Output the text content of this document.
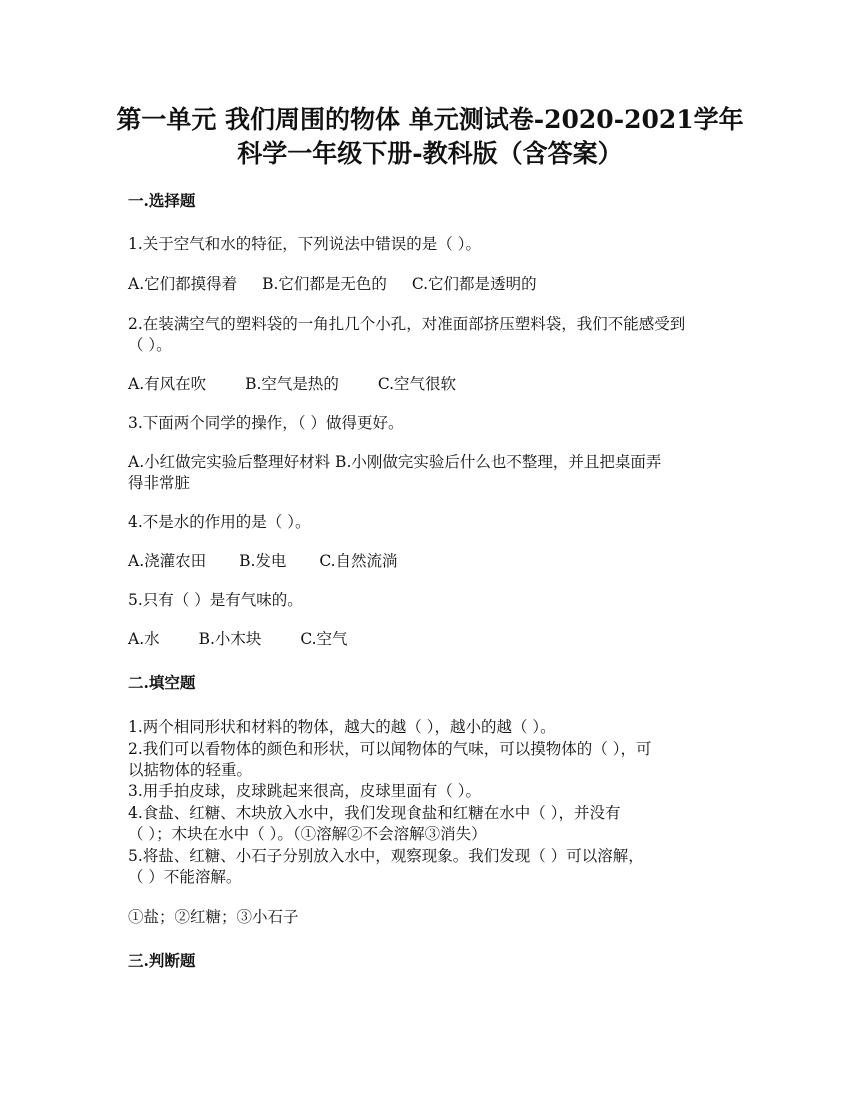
第一单元 我们周围的物体 单元测试卷-2020-2021学年
科学一年级下册-教科版（含答案）
一.选择题

1.关于空气和水的特征，下列说法中错误的是（ ）。

A.它们都摸得着 B.它们都是无色的 C.它们都是透明的

2.在装满空气的塑料袋的一角扎几个小孔，对准面部挤压塑料袋，我们不能感受到

（ ）。

A.有风在吹	B.空气是热的	C.空气很软

3.下面两个同学的操作，（ ）做得更好。

A.小红做完实验后整理好材料 B.小刚做完实验后什么也不整理，并且把桌面弄

得非常脏

4.不是水的作用的是（ ）。

A.浇灌农田 B.发电 C.自然流淌

5.只有（ ）是有气味的。

A.水	B.小木块	C.空气

二.填空题

1.两个相同形状和材料的物体，越大的越（ ），越小的越（ ）。

2.我们可以看物体的颜色和形状，可以闻物体的气味，可以摸物体的（ ），可

以掂物体的轻重。

3.用手拍皮球，皮球跳起来很高，皮球里面有（ ）。

4.食盐、红糖、木块放入水中，我们发现食盐和红糖在水中（ ），并没有

（ ）；木块在水中（ ）。（①溶解②不会溶解③消失）

5.将盐、红糖、小石子分别放入水中，观察现象。我们发现（ ）可以溶解，

（ ）不能溶解。

①盐；②红糖；③小石子

三.判断题
